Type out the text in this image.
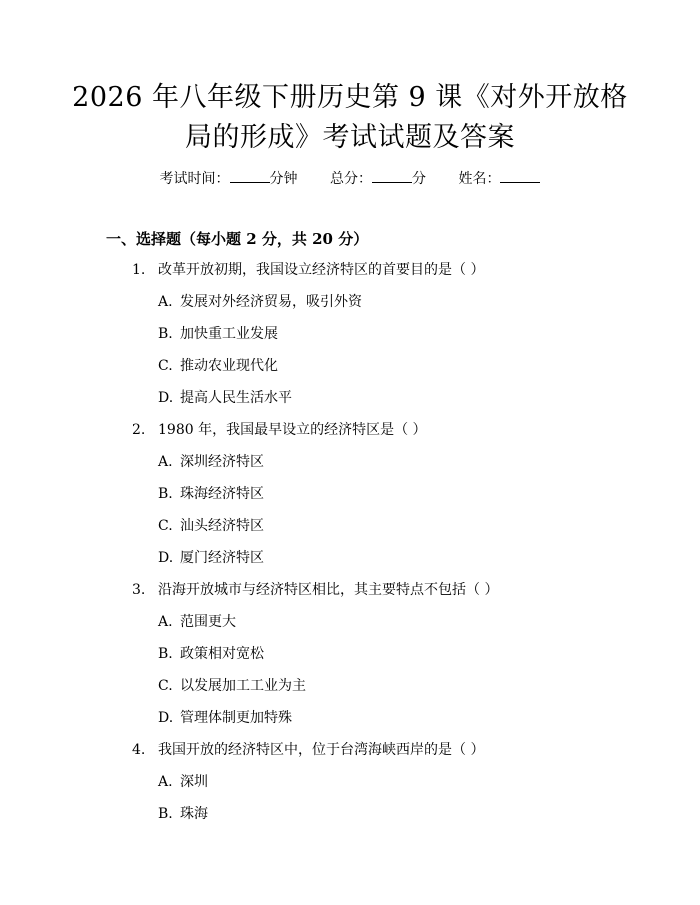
2026 年八年级下册历史第 9 课《对外开放格
局的形成》考试试题及答案
考试时间：	分钟 总分：	分 姓名：
一、选择题（每小题 2 分，共 20 分）
1. 改革开放初期，我国设立经济特区的首要目的是（ ）
A. 发展对外经济贸易，吸引外资
B. 加快重工业发展
C. 推动农业现代化
D. 提高人民生活水平
2. 1980 年，我国最早设立的经济特区是（ ）
A. 深圳经济特区
B. 珠海经济特区
C. 汕头经济特区
D. 厦门经济特区
3. 沿海开放城市与经济特区相比，其主要特点不包括（ ）
A. 范围更大
B. 政策相对宽松
C. 以发展加工工业为主
D. 管理体制更加特殊
4. 我国开放的经济特区中，位于台湾海峡西岸的是（ ）
A. 深圳
B. 珠海
